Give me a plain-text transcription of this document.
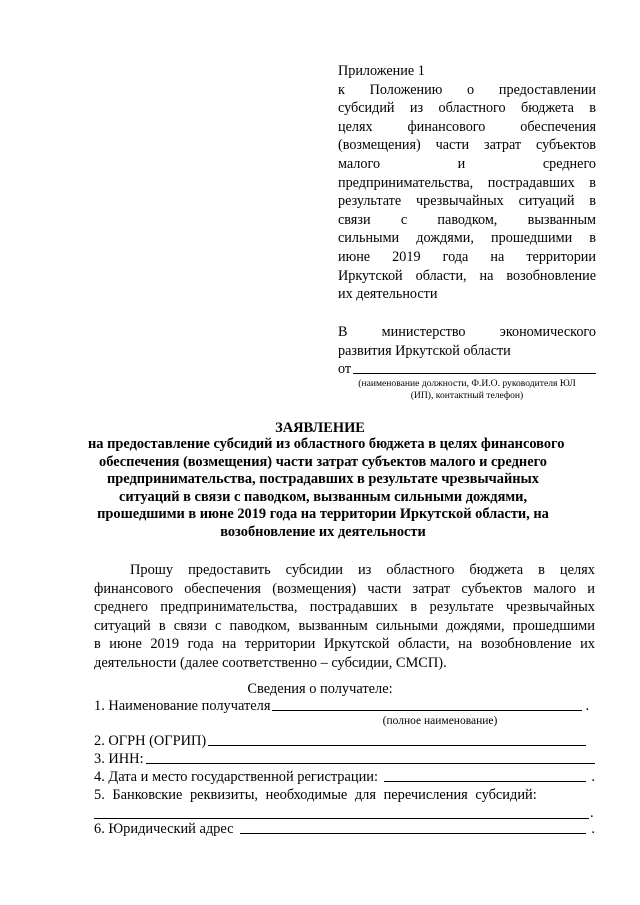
Приложение 1
к Положению о предоставлении
субсидий из областного бюджета в
целях финансового обеспечения
(возмещения) части затрат субъектов
малого и среднего
предпринимательства, пострадавших в
результате чрезвычайных ситуаций в
связи с паводком, вызванным
сильными дождями, прошедшими в
июне 2019 года на территории
Иркутской области, на возобновление
их деятельности
В министерство экономического
развития Иркутской области
от
(наименование должности, Ф.И.О. руководителя ЮЛ
(ИП), контактный телефон)
ЗАЯВЛЕНИЕ
на предоставление субсидий из областного бюджета в целях финансового
обеспечения (возмещения) части затрат субъектов малого и среднего
предпринимательства, пострадавших в результате чрезвычайных
ситуаций в связи с паводком, вызванным сильными дождями,
прошедшими в июне 2019 года на территории Иркутской области, на
возобновление их деятельности
Прошу предоставить субсидии из областного бюджета в целях
финансового обеспечения (возмещения) части затрат субъектов малого и
среднего предпринимательства, пострадавших в результате чрезвычайных
ситуаций в связи с паводком, вызванным сильными дождями, прошедшими
в июне 2019 года на территории Иркутской области, на возобновление их
деятельности (далее соответственно – субсидии, СМСП).
Сведения о получателе:
1. Наименование получателя	.
(полное наименование)
2. ОГРН (ОГРИП)
3. ИНН:
4. Дата и место государственной регистрации:	.
5. Банковские реквизиты, необходимые для перечисления субсидий:
.
6. Юридический адрес	.
